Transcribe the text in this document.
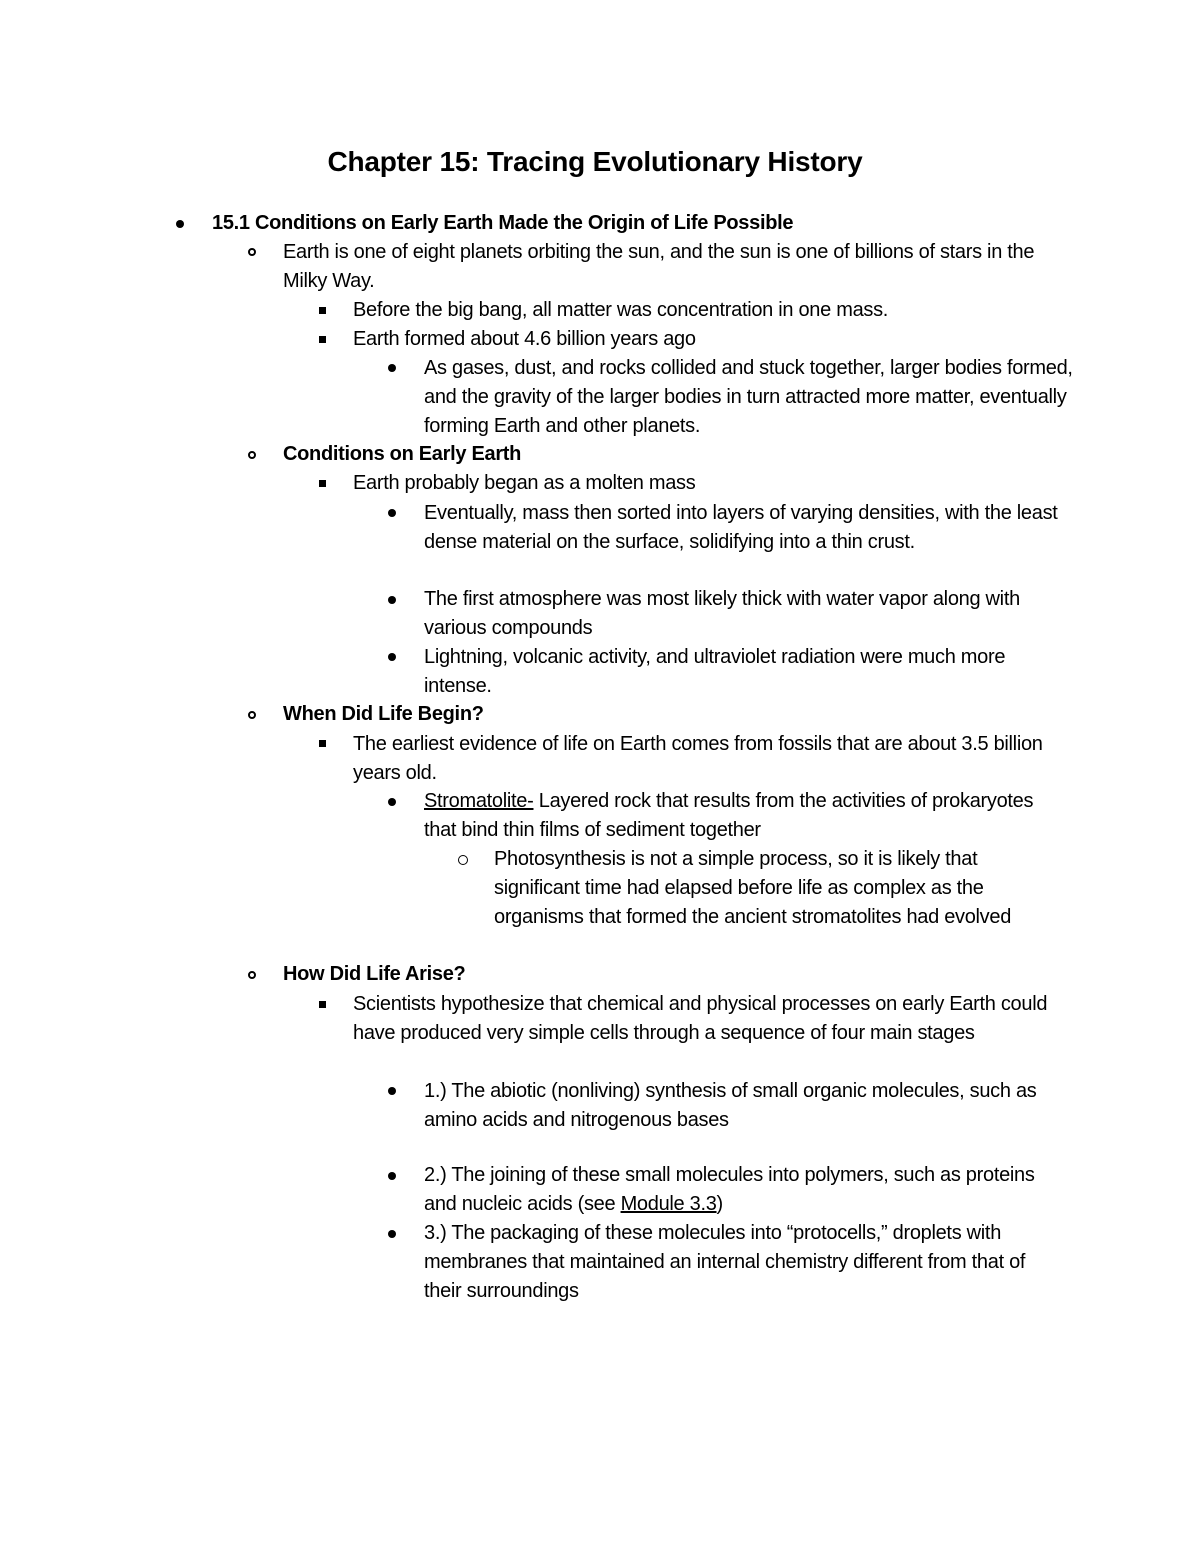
Chapter 15: Tracing Evolutionary History
15.1 Conditions on Early Earth Made the Origin of Life Possible
Earth is one of eight planets orbiting the sun, and the sun is one of billions of stars in the Milky Way.
Before the big bang, all matter was concentration in one mass.
Earth formed about 4.6 billion years ago
As gases, dust, and rocks collided and stuck together, larger bodies formed, and the gravity of the larger bodies in turn attracted more matter, eventually forming Earth and other planets.
Conditions on Early Earth
Earth probably began as a molten mass
Eventually, mass then sorted into layers of varying densities, with the least dense material on the surface, solidifying into a thin crust.
The first atmosphere was most likely thick with water vapor along with various compounds
Lightning, volcanic activity, and ultraviolet radiation were much more intense.
When Did Life Begin?
The earliest evidence of life on Earth comes from fossils that are about 3.5 billion years old.
Stromatolite- Layered rock that results from the activities of prokaryotes that bind thin films of sediment together
Photosynthesis is not a simple process, so it is likely that significant time had elapsed before life as complex as the organisms that formed the ancient stromatolites had evolved
How Did Life Arise?
Scientists hypothesize that chemical and physical processes on early Earth could have produced very simple cells through a sequence of four main stages
1.) The abiotic (nonliving) synthesis of small organic molecules, such as amino acids and nitrogenous bases
2.) The joining of these small molecules into polymers, such as proteins and nucleic acids (see Module 3.3)
3.) The packaging of these molecules into “protocells,” droplets with membranes that maintained an internal chemistry different from that of their surroundings
